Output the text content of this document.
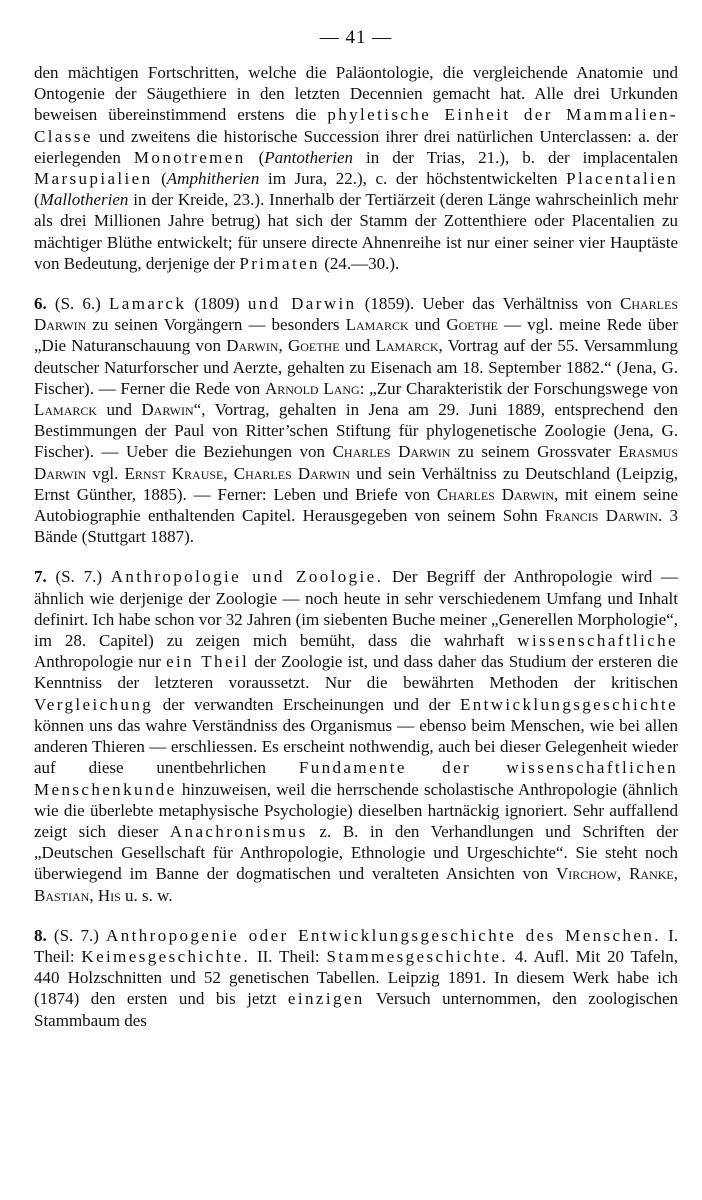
— 41 —

den mächtigen Fortschritten, welche die Paläontologie, die vergleichende Anatomie und Ontogenie der Säugethiere in den letzten Decennien gemacht hat. Alle drei Urkunden beweisen übereinstimmend erstens die phyletische Einheit der Mammalien-Classe und zweitens die historische Succession ihrer drei natürlichen Unterclassen: a. der eierlegenden Monotremen (Pantotherien in der Trias, 21.), b. der implacentalen Marsupialien (Amphitherien im Jura, 22.), c. der höchstentwickelten Placentalien (Mallotherien in der Kreide, 23.). Innerhalb der Tertiärzeit (deren Länge wahrscheinlich mehr als drei Millionen Jahre betrug) hat sich der Stamm der Zottenthiere oder Placentalien zu mächtiger Blüthe entwickelt; für unsere directe Ahnenreihe ist nur einer seiner vier Hauptäste von Bedeutung, derjenige der Primaten (24.—30.).

6. (S. 6.) Lamarck (1809) und Darwin (1859). Ueber das Verhältniss von Charles Darwin zu seinen Vorgängern — besonders Lamarck und Goethe — vgl. meine Rede über „Die Naturanschauung von Darwin, Goethe und Lamarck, Vortrag auf der 55. Versammlung deutscher Naturforscher und Aerzte, gehalten zu Eisenach am 18. September 1882.“ (Jena, G. Fischer). — Ferner die Rede von Arnold Lang: „Zur Charakteristik der Forschungswege von Lamarck und Darwin“, Vortrag, gehalten in Jena am 29. Juni 1889, entsprechend den Bestimmungen der Paul von Ritter’schen Stiftung für phylogenetische Zoologie (Jena, G. Fischer). — Ueber die Beziehungen von Charles Darwin zu seinem Grossvater Erasmus Darwin vgl. Ernst Krause, Charles Darwin und sein Verhältniss zu Deutschland (Leipzig, Ernst Günther, 1885). — Ferner: Leben und Briefe von Charles Darwin, mit einem seine Autobiographie enthaltenden Capitel. Herausgegeben von seinem Sohn Francis Darwin. 3 Bände (Stuttgart 1887).

7. (S. 7.) Anthropologie und Zoologie. Der Begriff der Anthropologie wird — ähnlich wie derjenige der Zoologie — noch heute in sehr verschiedenem Umfang und Inhalt definirt. Ich habe schon vor 32 Jahren (im siebenten Buche meiner „Generellen Morphologie“, im 28. Capitel) zu zeigen mich bemüht, dass die wahrhaft wissenschaftliche Anthropologie nur ein Theil der Zoologie ist, und dass daher das Studium der ersteren die Kenntniss der letzteren voraussetzt. Nur die bewährten Methoden der kritischen Vergleichung der verwandten Erscheinungen und der Entwicklungsgeschichte können uns das wahre Verständniss des Organismus — ebenso beim Menschen, wie bei allen anderen Thieren — erschliessen. Es erscheint nothwendig, auch bei dieser Gelegenheit wieder auf diese unentbehrlichen Fundamente der wissenschaftlichen Menschenkunde hinzuweisen, weil die herrschende scholastische Anthropologie (ähnlich wie die überlebte metaphysische Psychologie) dieselben hartnäckig ignoriert. Sehr auffallend zeigt sich dieser Anachronismus z. B. in den Verhandlungen und Schriften der „Deutschen Gesellschaft für Anthropologie, Ethnologie und Urgeschichte“. Sie steht noch überwiegend im Banne der dogmatischen und veralteten Ansichten von Virchow, Ranke, Bastian, His u. s. w.

8. (S. 7.) Anthropogenie oder Entwicklungsgeschichte des Menschen. I. Theil: Keimesgeschichte. II. Theil: Stammesgeschichte. 4. Aufl. Mit 20 Tafeln, 440 Holzschnitten und 52 genetischen Tabellen. Leipzig 1891. In diesem Werk habe ich (1874) den ersten und bis jetzt einzigen Versuch unternommen, den zoologischen Stammbaum des
